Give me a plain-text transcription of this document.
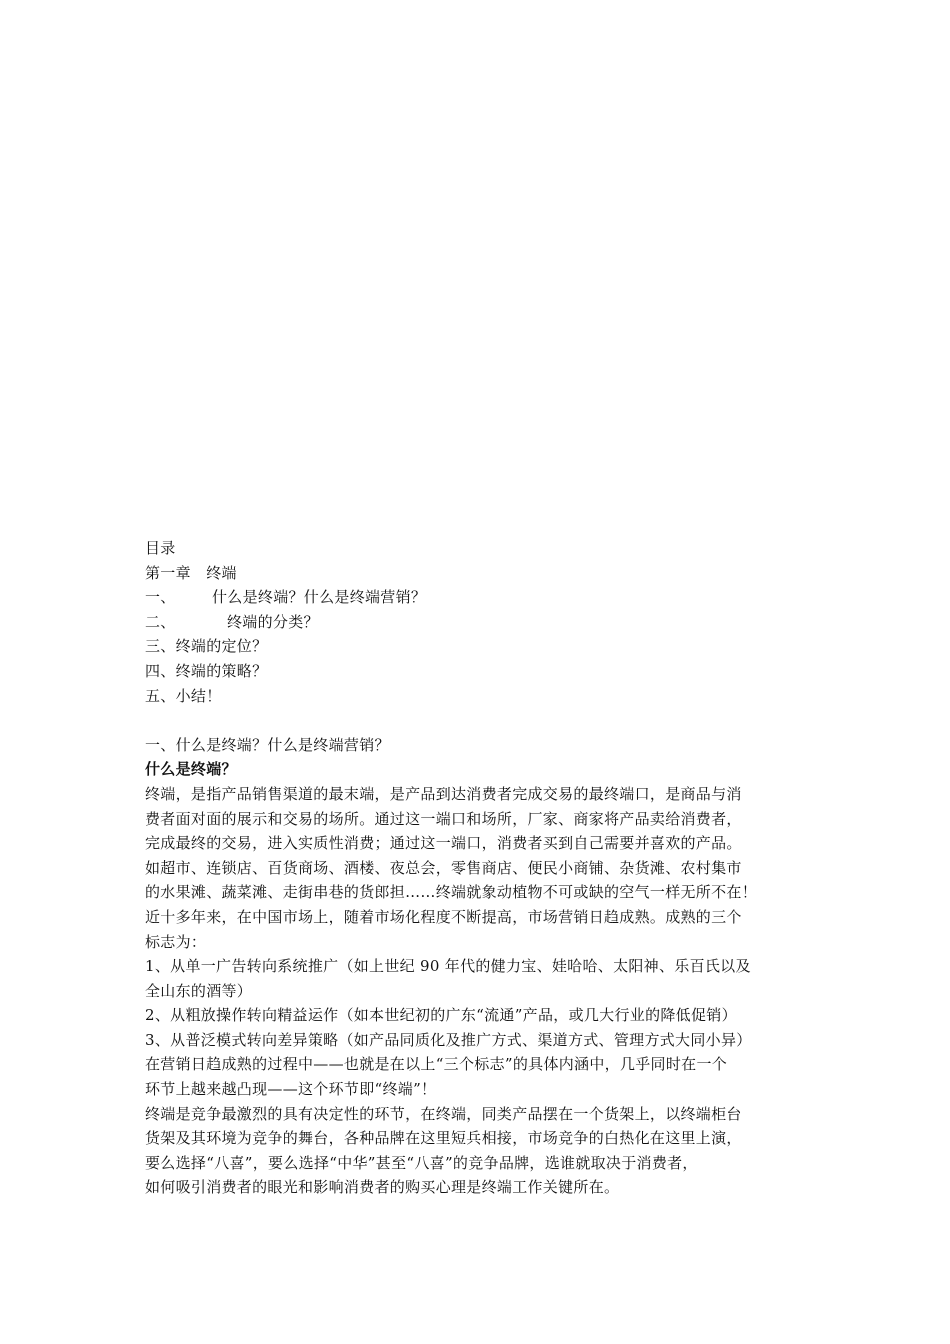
目录

第一章　终端

一、 什么是终端？什么是终端营销？

二、	终端的分类？

三、终端的定位？

四、终端的策略？

五、小结！

一、什么是终端？什么是终端营销？

什么是终端？

终端，是指产品销售渠道的最末端，是产品到达消费者完成交易的最终端口，是商品与消

费者面对面的展示和交易的场所。通过这一端口和场所，厂家、商家将产品卖给消费者，

完成最终的交易，进入实质性消费；通过这一端口，消费者买到自己需要并喜欢的产品。

如超市、连锁店、百货商场、酒楼、夜总会，零售商店、便民小商铺、杂货滩、农村集市

的水果滩、蔬菜滩、走街串巷的货郎担……终端就象动植物不可或缺的空气一样无所不在！

近十多年来，在中国市场上，随着市场化程度不断提高，市场营销日趋成熟。成熟的三个

标志为：

1、从单一广告转向系统推广（如上世纪 90 年代的健力宝、娃哈哈、太阳神、乐百氏以及

全山东的酒等）

2、从粗放操作转向精益运作（如本世纪初的广东“流通”产品，或几大行业的降低促销）

3、从普泛模式转向差异策略（如产品同质化及推广方式、渠道方式、管理方式大同小异）

在营销日趋成熟的过程中——也就是在以上“三个标志”的具体内涵中，几乎同时在一个

环节上越来越凸现——这个环节即“终端”！

终端是竞争最激烈的具有决定性的环节，在终端，同类产品摆在一个货架上，以终端柜台

货架及其环境为竞争的舞台，各种品牌在这里短兵相接，市场竞争的白热化在这里上演，

要么选择“八喜”，要么选择“中华”甚至“八喜”的竞争品牌，选谁就取决于消费者，

如何吸引消费者的眼光和影响消费者的购买心理是终端工作关键所在。
